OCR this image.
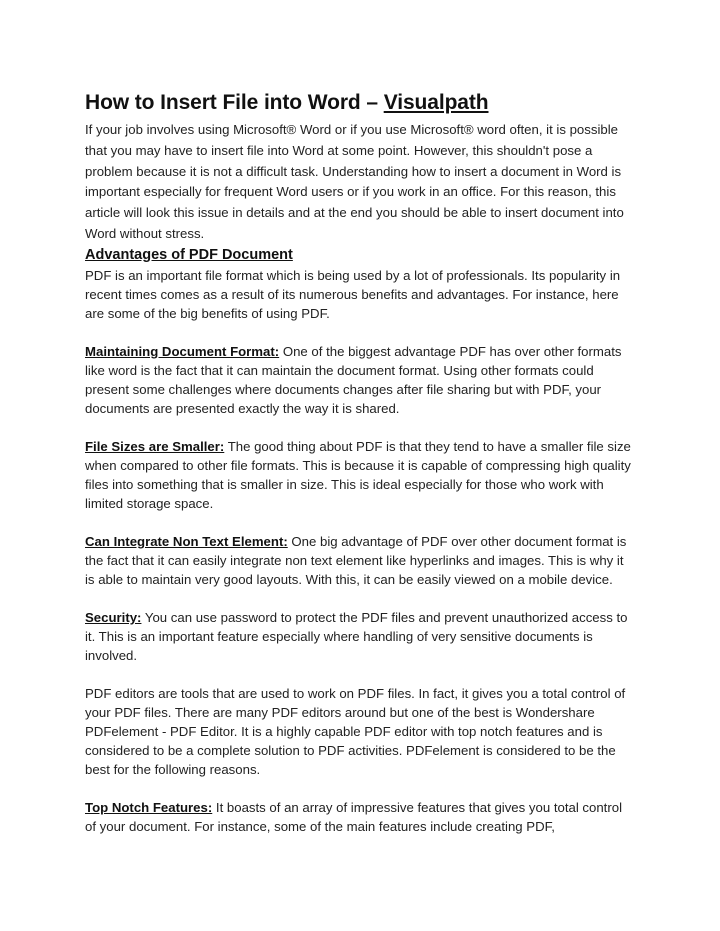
How to Insert File into Word – Visualpath

If your job involves using Microsoft® Word or if you use Microsoft® word often, it is possible that you may have to insert file into Word at some point. However, this shouldn't pose a problem because it is not a difficult task. Understanding how to insert a document in Word is important especially for frequent Word users or if you work in an office. For this reason, this article will look this issue in details and at the end you should be able to insert document into Word without stress.

Advantages of PDF Document

PDF is an important file format which is being used by a lot of professionals. Its popularity in recent times comes as a result of its numerous benefits and advantages. For instance, here are some of the big benefits of using PDF.

Maintaining Document Format: One of the biggest advantage PDF has over other formats like word is the fact that it can maintain the document format. Using other formats could present some challenges where documents changes after file sharing but with PDF, your documents are presented exactly the way it is shared.

File Sizes are Smaller: The good thing about PDF is that they tend to have a smaller file size when compared to other file formats. This is because it is capable of compressing high quality files into something that is smaller in size. This is ideal especially for those who work with limited storage space.

Can Integrate Non Text Element: One big advantage of PDF over other document format is the fact that it can easily integrate non text element like hyperlinks and images. This is why it is able to maintain very good layouts. With this, it can be easily viewed on a mobile device.

Security: You can use password to protect the PDF files and prevent unauthorized access to it. This is an important feature especially where handling of very sensitive documents is involved.

PDF editors are tools that are used to work on PDF files. In fact, it gives you a total control of your PDF files. There are many PDF editors around but one of the best is Wondershare PDFelement - PDF Editor. It is a highly capable PDF editor with top notch features and is considered to be a complete solution to PDF activities. PDFelement is considered to be the best for the following reasons.

Top Notch Features: It boasts of an array of impressive features that gives you total control of your document. For instance, some of the main features include creating PDF,
